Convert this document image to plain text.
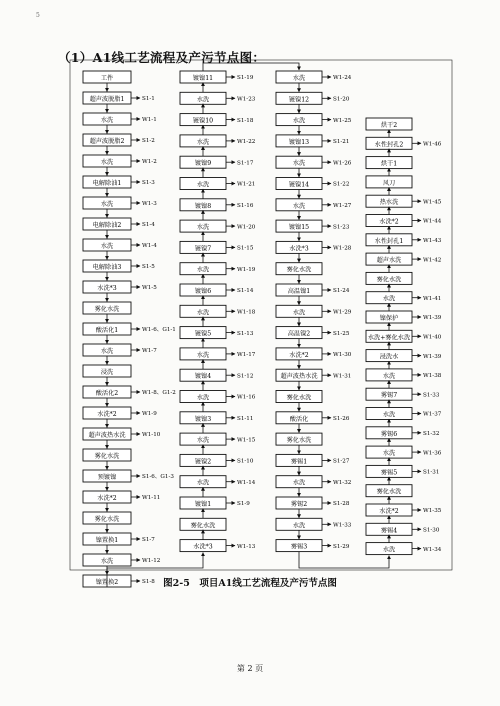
5
（1）A1线工艺流程及产污节点图：
工件
超声波脱脂1	S1-1
水洗	W1-1
超声波脱脂2	S1-2
水洗	W1-2
电解除油1	S1-3
水洗	W1-3
电解除油2	S1-4
水洗	W1-4
电解除油3	S1-5
水洗*3	W1-5
雾化水洗
酸活化1	W1-6、G1-1
水洗	W1-7
浸洗
酸活化2	W1-8、G1-2
水洗*2	W1-9
超声波热水洗	W1-10
雾化水洗
预镀镍	S1-6、G1-3
水洗*2	W1-11
雾化水洗
镍置换1	S1-7
水洗	W1-12
镍置换2	S1-8
镀镍11	S1-19
水洗	W1-23
镀镍10	S1-18
水洗	W1-22
镀镍9	S1-17
水洗	W1-21
镀镍8	S1-16
水洗	W1-20
镀镍7	S1-15
水洗	W1-19
镀镍6	S1-14
水洗	W1-18
镀镍5	S1-13
水洗	W1-17
镀镍4	S1-12
水洗	W1-16
镀镍3	S1-11
水洗	W1-15
镀镍2	S1-10
水洗	W1-14
镀镍1	S1-9
雾化水洗
水洗*3	W1-13
水洗	W1-24
镀镍12	S1-20
水洗	W1-25
镀镍13	S1-21
水洗	W1-26
镀镍14	S1-22
水洗	W1-27
镀镍15	S1-23
水洗*3	W1-28
雾化水洗
高温镍1	S1-24
水洗	W1-29
高温镍2	S1-25
水洗*2	W1-30
超声波热水洗	W1-31
雾化水洗
酸活化	S1-26
雾化水洗
雾锡1	S1-27
水洗	W1-32
雾锡2	S1-28
水洗	W1-33
雾锡3	S1-29
烘干2
水性封孔2	W1-46
烘干1
风刀
热水洗	W1-45
水洗*2	W1-44
水性封孔1	W1-43
超声水洗	W1-42
雾化水洗
水洗	W1-41
镍保护	W1-39
水洗+雾化水洗 W1-40
浸洗水	W1-39
水洗	W1-38
雾锡7	S1-33
水洗	W1-37
雾锡6	S1-32
水洗	W1-36
雾锡5	S1-31
雾化水洗
水洗*2	W1-35
雾锡4	S1-30
水洗	W1-34
图2-5　项目A1线工艺流程及产污节点图
第 2 页
